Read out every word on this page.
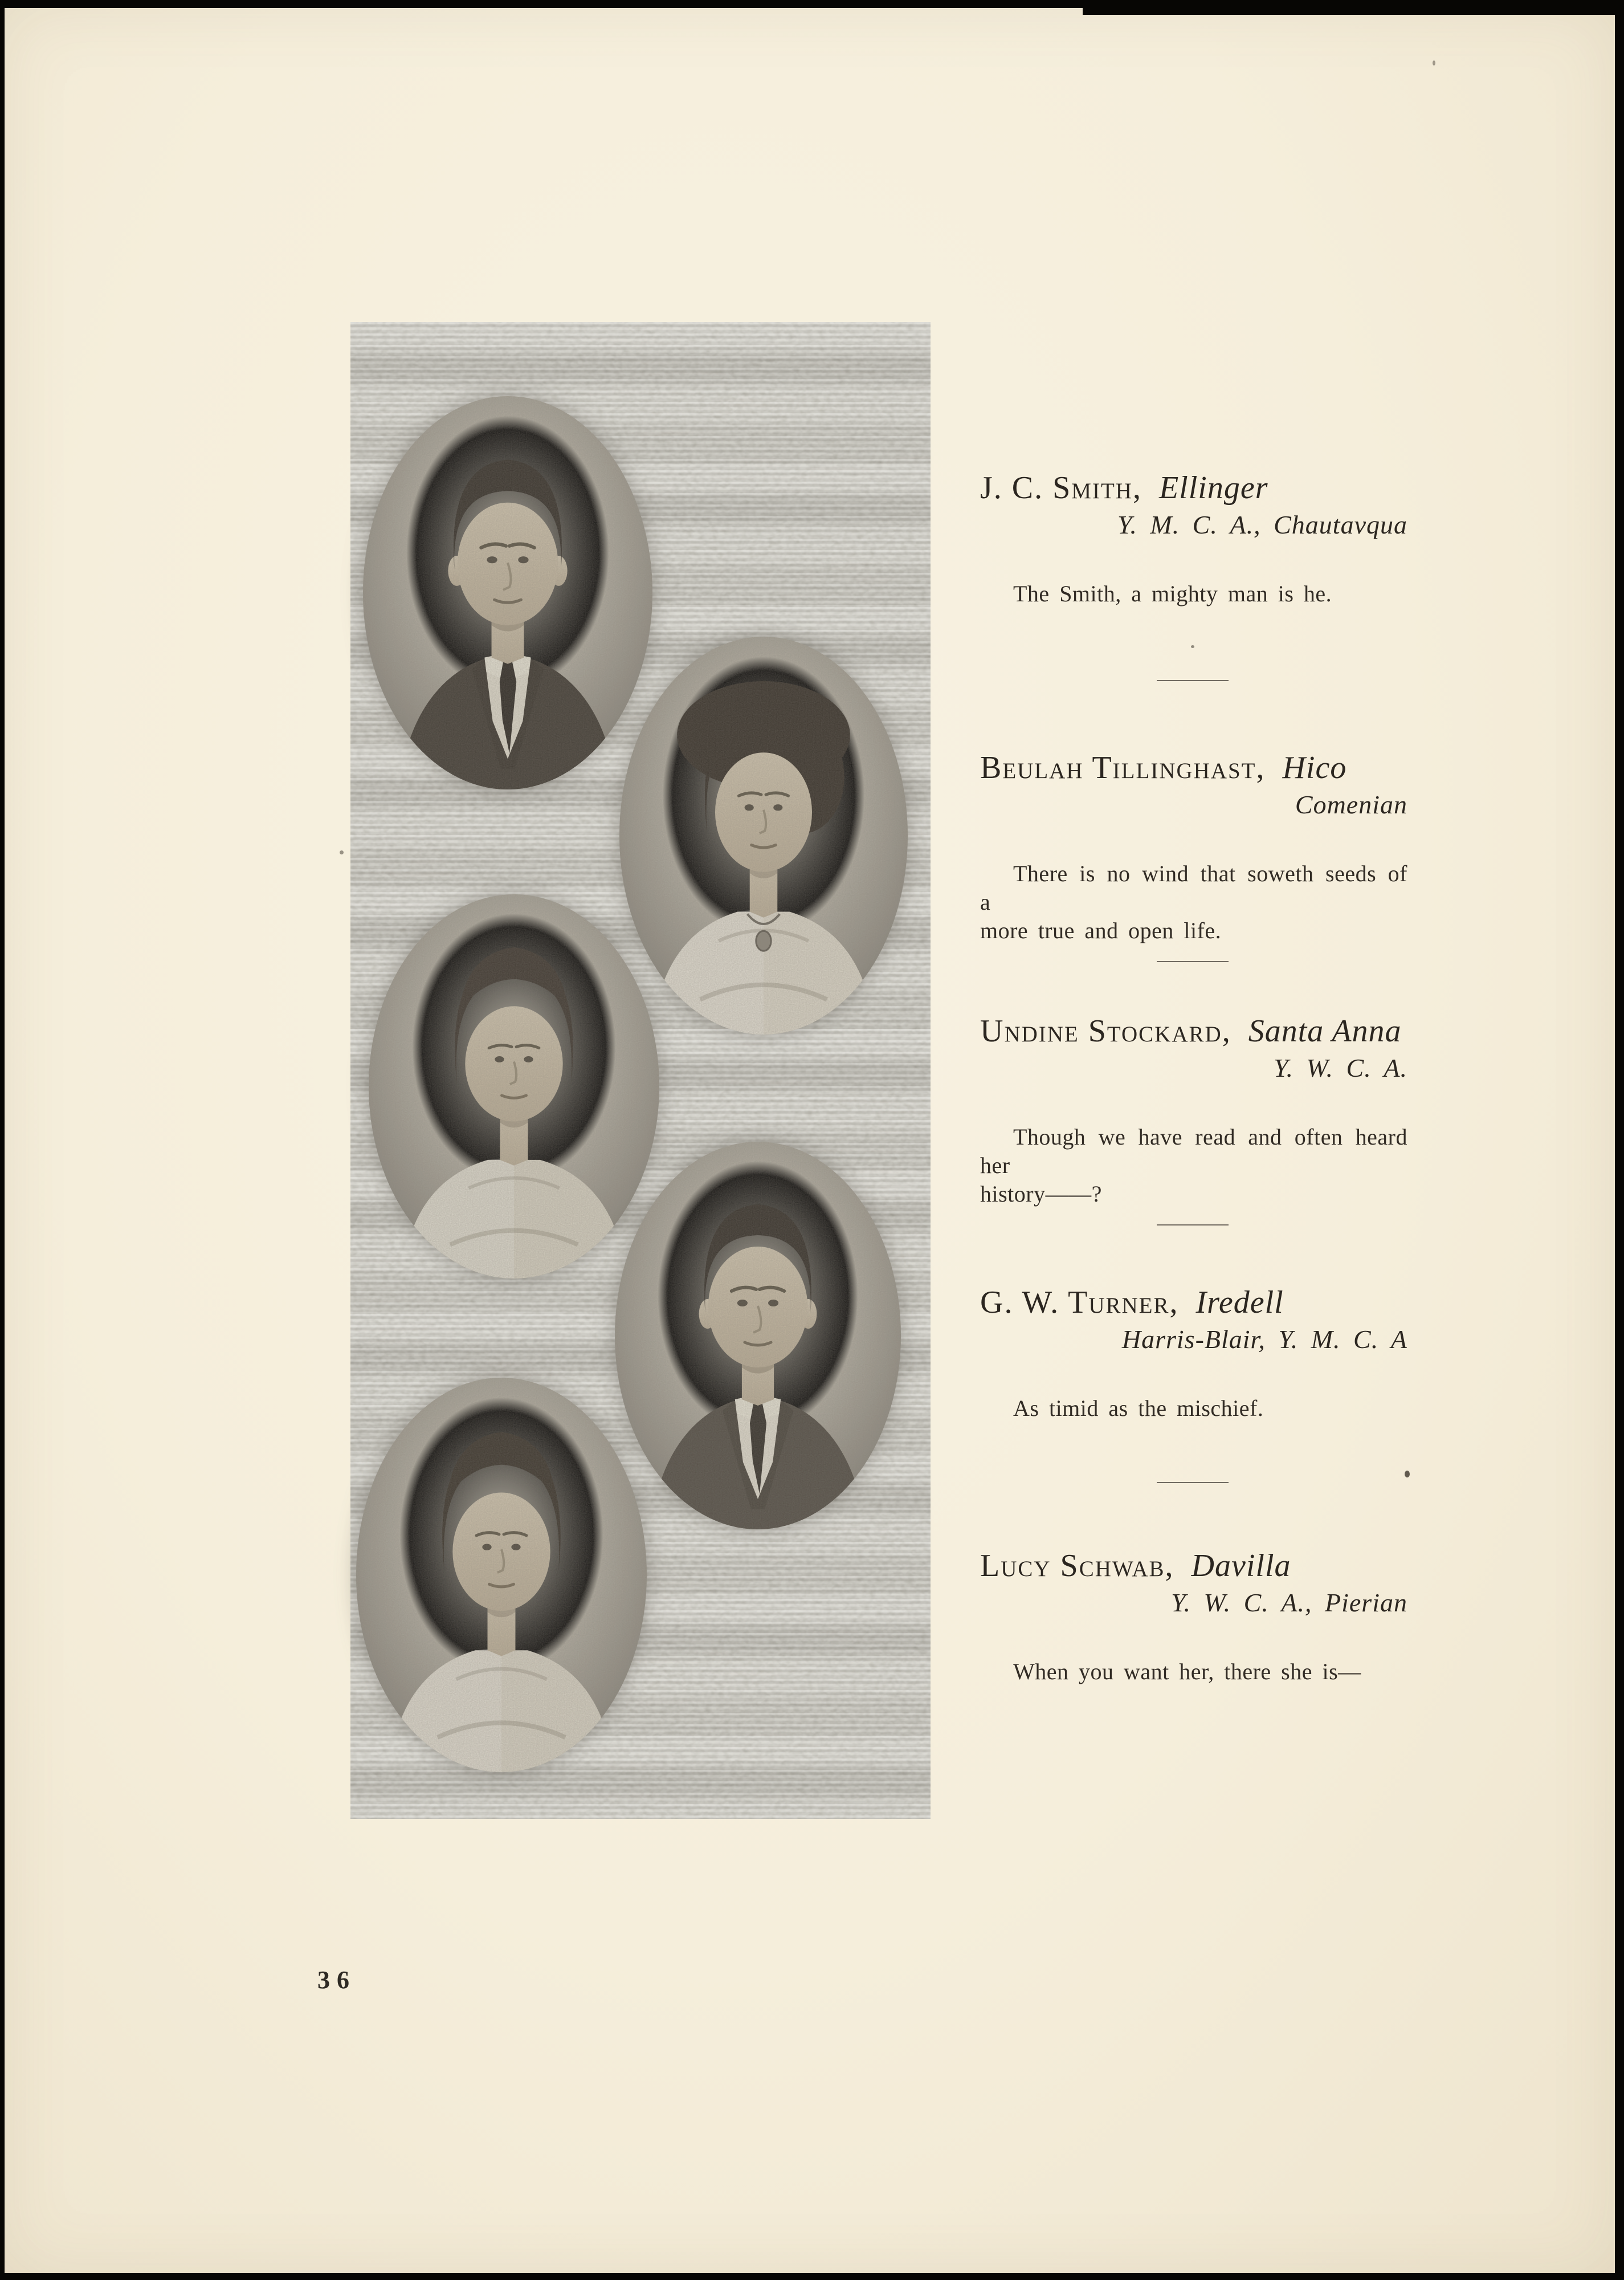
J. C. Smith, Ellinger
Y. M. C. A., Chautavqua
The Smith, a mighty man is he.
Beulah Tillinghast, Hico
Comenian
There is no wind that soweth seeds of a
more true and open life.
Undine Stockard, Santa Anna
Y. W. C. A.
Though we have read and often heard her
history——?
G. W. Turner, Iredell
Harris-Blair, Y. M. C. A
As timid as the mischief.
Lucy Schwab, Davilla
Y. W. C. A., Pierian
When you want her, there she is—
36
